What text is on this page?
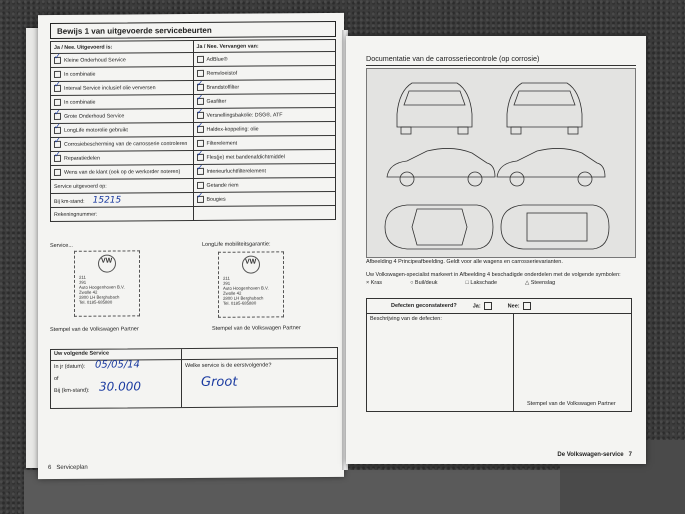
Bewijs 1 van uitgevoerde servicebeurten
Ja / Nee. Uitgevoerd is:	Ja / Nee. Vervangen van:
✓Kleine Onderhoud Service	AdBlue®
In combinatie	Remvloeistof
✓Interval Service inclusief olie verversen	✓Brandstoffilter
In combinatie	✓Gasfilter
✓Grote Onderhoud Service	✓Versnellingsbakolie: DSG®, ATF
✓LongLife motorolie gebruikt	✓Haldex-koppeling: olie
✓Corrosiebescherming van de carrosserie controleren	Filterelement
✓Reparatiedelen	✓Fles(je) met bandenafdichtmiddel
Wens van de klant (ook op de werkorder noteren)	✓Interieurluchtfilterelement
Service uitgevoerd op:	Getande riem
Bij km-stand: 15215	✓Bougies
Rekeningnummer:	
Service...
VW
211
391
Auto Hoogenhoven B.V.
Zwolle 42
2800 LH Berghsbach
Tel. 0185-685880
Stempel van de Volkswagen Partner
LongLife mobiliteitsgarantie:
VW
211
391
Auto Hoogenhoven B.V.
Zwolle 42
2800 LH Berghsbach
Tel. 0185-685880
Stempel van de Volkswagen Partner
Uw volgende Service
In jr (datum): 05/05/14
of
Bij (km-stand): 30.000
Welke service is de eerstvolgende?
Groot
6 Serviceplan
Documentatie van de carrosseriecontrole (op corrosie)
Afbeelding 4 Principeafbeelding. Geldt voor alle wagens en carrosserievarianten.
Uw Volkswagen-specialist markeert in Afbeelding 4 beschadigde onderdelen met de volgende symbolen:
× Kras	○ Buil/deuk	□ Lakschade	△ Steenslag
Defecten geconstateerd?	Ja:	Nee:
Beschrijving van de defecten:
Stempel van de Volkswagen Partner
De Volkswagen-service 7
